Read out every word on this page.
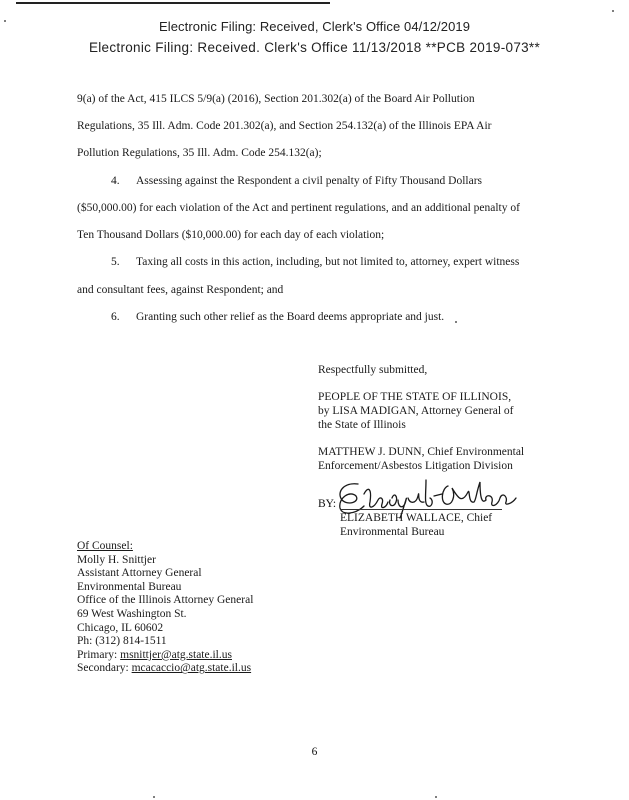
Electronic Filing: Received, Clerk's Office 04/12/2019
Electronic Filing: Received. Clerk's Office 11/13/2018 **PCB 2019-073**
9(a) of the Act, 415 ILCS 5/9(a) (2016), Section 201.302(a) of the Board Air Pollution
Regulations, 35 Ill. Adm. Code 201.302(a), and Section 254.132(a) of the Illinois EPA Air
Pollution Regulations, 35 Ill. Adm. Code 254.132(a);
4. Assessing against the Respondent a civil penalty of Fifty Thousand Dollars
($50,000.00) for each violation of the Act and pertinent regulations, and an additional penalty of
Ten Thousand Dollars ($10,000.00) for each day of each violation;
5. Taxing all costs in this action, including, but not limited to, attorney, expert witness
and consultant fees, against Respondent; and
6. Granting such other relief as the Board deems appropriate and just.
Respectfully submitted,
PEOPLE OF THE STATE OF ILLINOIS,
by LISA MADIGAN, Attorney General of
the State of Illinois
MATTHEW J. DUNN, Chief Environmental
Enforcement/Asbestos Litigation Division
BY:
ELIZABETH WALLACE, Chief
Environmental Bureau
Of Counsel:
Molly H. Snittjer
Assistant Attorney General
Environmental Bureau
Office of the Illinois Attorney General
69 West Washington St.
Chicago, IL 60602
Ph: (312) 814-1511
Primary: msnittjer@atg.state.il.us
Secondary: mcacaccio@atg.state.il.us
6
